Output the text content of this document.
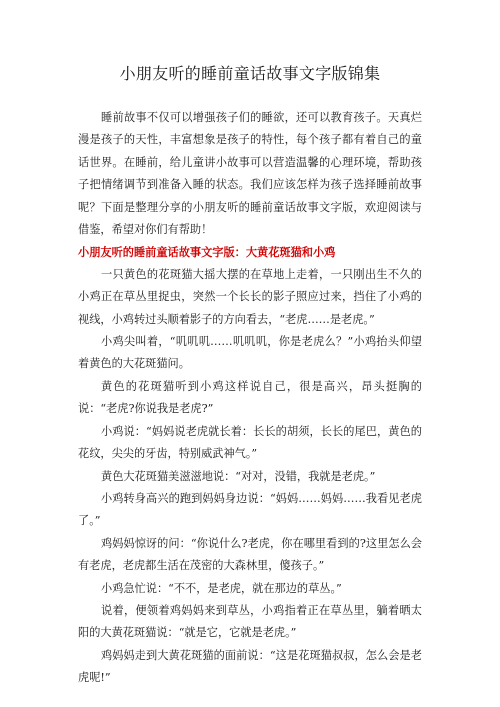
小朋友听的睡前童话故事文字版锦集

睡前故事不仅可以增强孩子们的睡欲，还可以教育孩子。天真烂漫是孩子的天性，丰富想象是孩子的特性，每个孩子都有着自己的童话世界。在睡前，给儿童讲小故事可以营造温馨的心理环境，帮助孩子把情绪调节到准备入睡的状态。我们应该怎样为孩子选择睡前故事呢？下面是整理分享的小朋友听的睡前童话故事文字版，欢迎阅读与借鉴，希望对你们有帮助！

小朋友听的睡前童话故事文字版：大黄花斑猫和小鸡

一只黄色的花斑猫大摇大摆的在草地上走着，一只刚出生不久的小鸡正在草丛里捉虫，突然一个长长的影子照应过来，挡住了小鸡的视线，小鸡转过头顺着影子的方向看去，“老虎……是老虎。”

小鸡尖叫着，“叽叽叽……叽叽叽，你是老虎么？”小鸡抬头仰望着黄色的大花斑猫问。

黄色的花斑猫听到小鸡这样说自己，很是高兴，昂头挺胸的说：“老虎?你说我是老虎?”

小鸡说：“妈妈说老虎就长着：长长的胡须，长长的尾巴，黄色的花纹，尖尖的牙齿，特别威武神气。”

黄色大花斑猫美滋滋地说：“对对，没错，我就是老虎。”

小鸡转身高兴的跑到妈妈身边说：“妈妈……妈妈……我看见老虎了。”

鸡妈妈惊讶的问：“你说什么?老虎，你在哪里看到的?这里怎么会有老虎，老虎都生活在茂密的大森林里，傻孩子。”

小鸡急忙说：“不不，是老虎，就在那边的草丛。”

说着，便领着鸡妈妈来到草丛，小鸡指着正在草丛里，躺着晒太阳的大黄花斑猫说：“就是它，它就是老虎。”

鸡妈妈走到大黄花斑猫的面前说：“这是花斑猫叔叔，怎么会是老虎呢!”
